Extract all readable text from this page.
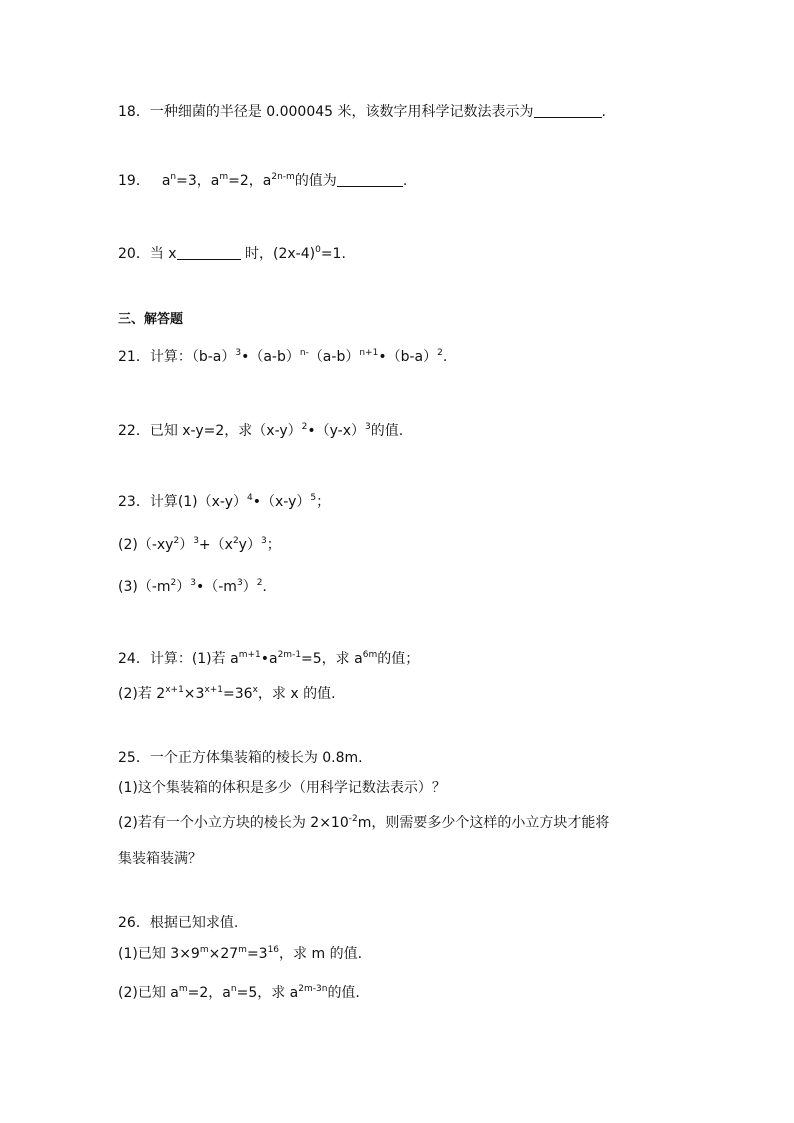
18．一种细菌的半径是 0.000045 米，该数字用科学记数法表示为	.
19． $a^n=3$，$a^m=2$，$a^{2n-m}$的值为	.
20．当 x	时，$(2x-4)^0=1$.
三、解答题
21．计算：$(b-a)^3•(a-b)^{n-}(a-b)^{n+1}•(b-a)^2$.
22．已知 x-y=2，求$(x-y)^2•(y-x)^3$的值.
23．计算$(1)(x-y)^4•(x-y)^5$；
$(2)(-xy^2)^3+(x^2y)^3$；
$(3)(-m^2)^3•(-m^3)^2$.
24．计算：(1)若 $a^{m+1}•a^{2m-1}=5$，求 $a^{6m}$的值；
(2)若 $2^{x+1}\times 3^{x+1}=36^x$，求 x 的值.
25．一个正方体集装箱的棱长为 0.8m.
(1)这个集装箱的体积是多少（用科学记数法表示）？
(2)若有一个小立方块的棱长为 $2\times 10^{-2}m$，则需要多少个这样的小立方块才能将
集装箱装满？
26．根据已知求值.
(1)已知 $3\times 9^m\times 27^m=3^{16}$，求 m 的值.
(2)已知 $a^m=2$，$a^n=5$，求 $a^{2m-3n}$的值.
